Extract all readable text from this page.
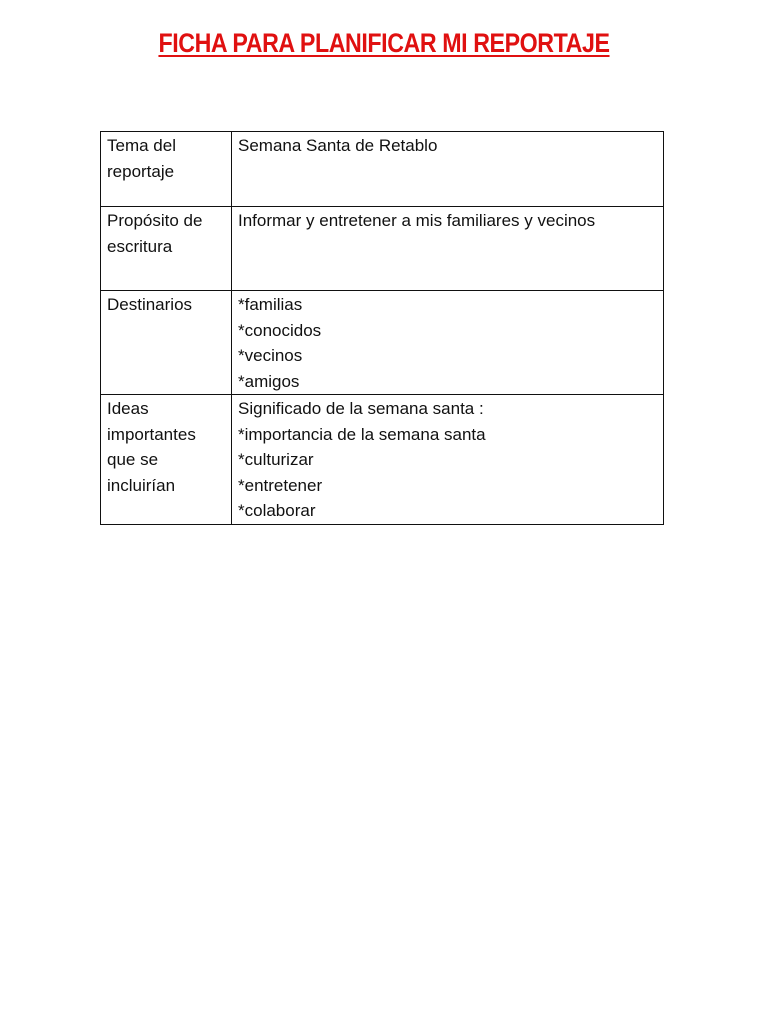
FICHA PARA PLANIFICAR MI REPORTAJE
Tema del
reportaje	Semana Santa de Retablo

Propósito de
escritura	Informar y entretener a mis familiares y vecinos

Destinarios	*familias
*conocidos
*vecinos
*amigos

Ideas
importantes
que se
incluirían	Significado de la semana santa :
*importancia de la semana santa
*culturizar
*entretener
*colaborar
